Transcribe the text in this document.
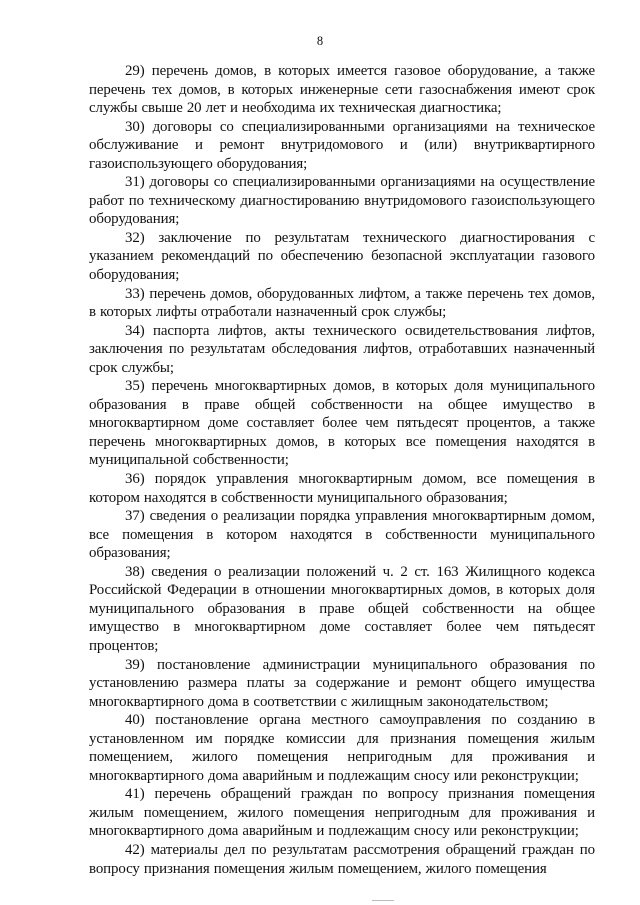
8

29) перечень домов, в которых имеется газовое оборудование, а также перечень тех домов, в которых инженерные сети газоснабжения имеют срок службы свыше 20 лет и необходима их техническая диагностика;

30) договоры со специализированными организациями на техническое обслуживание и ремонт внутридомового и (или) внутриквартирного газоиспользующего оборудования;

31) договоры со специализированными организациями на осуществление работ по техническому диагностированию внутридомового газоиспользующего оборудования;

32) заключение по результатам технического диагностирования с указанием рекомендаций по обеспечению безопасной эксплуатации газового оборудования;

33) перечень домов, оборудованных лифтом, а также перечень тех домов, в которых лифты отработали назначенный срок службы;

34) паспорта лифтов, акты технического освидетельствования лифтов, заключения по результатам обследования лифтов, отработавших назначенный срок службы;

35) перечень многоквартирных домов, в которых доля муниципального образования в праве общей собственности на общее имущество в многоквартирном доме составляет более чем пятьдесят процентов, а также перечень многоквартирных домов, в которых все помещения находятся в муниципальной собственности;

36) порядок управления многоквартирным домом, все помещения в котором находятся в собственности муниципального образования;

37) сведения о реализации порядка управления многоквартирным домом, все помещения в котором находятся в собственности муниципального образования;

38) сведения о реализации положений ч. 2 ст. 163 Жилищного кодекса Российской Федерации в отношении многоквартирных домов, в которых доля муниципального образования в праве общей собственности на общее имущество в многоквартирном доме составляет более чем пятьдесят процентов;

39) постановление администрации муниципального образования по установлению размера платы за содержание и ремонт общего имущества многоквартирного дома в соответствии с жилищным законодательством;

40) постановление органа местного самоуправления по созданию в установленном им порядке комиссии для признания помещения жилым помещением, жилого помещения непригодным для проживания и многоквартирного дома аварийным и подлежащим сносу или реконструкции;

41) перечень обращений граждан по вопросу признания помещения жилым помещением, жилого помещения непригодным для проживания и многоквартирного дома аварийным и подлежащим сносу или реконструкции;

42) материалы дел по результатам рассмотрения обращений граждан по вопросу признания помещения жилым помещением, жилого помещения
